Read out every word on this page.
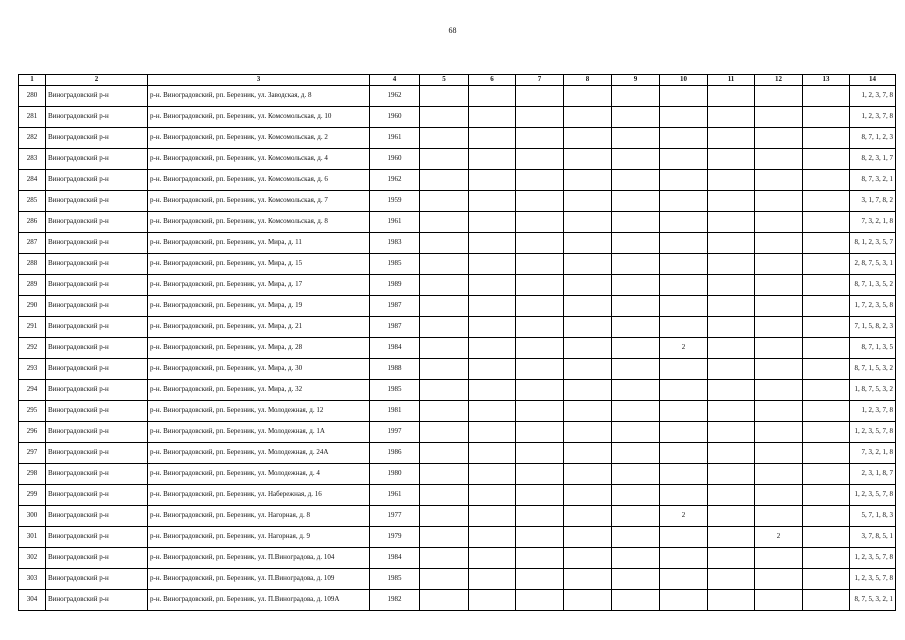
68
1	2	3	4	5	6	7	8	9	10	11	12	13	14
280	Виноградовский р-н	р-н. Виноградовский, рп. Березник, ул. Заводская, д. 8	1962										1, 2, 3, 7, 8
281	Виноградовский р-н	р-н. Виноградовский, рп. Березник, ул. Комсомольская, д. 10	1960										1, 2, 3, 7, 8
282	Виноградовский р-н	р-н. Виноградовский, рп. Березник, ул. Комсомольская, д. 2	1961										8, 7, 1, 2, 3
283	Виноградовский р-н	р-н. Виноградовский, рп. Березник, ул. Комсомольская, д. 4	1960										8, 2, 3, 1, 7
284	Виноградовский р-н	р-н. Виноградовский, рп. Березник, ул. Комсомольская, д. 6	1962										8, 7, 3, 2, 1
285	Виноградовский р-н	р-н. Виноградовский, рп. Березник, ул. Комсомольская, д. 7	1959										3, 1, 7, 8, 2
286	Виноградовский р-н	р-н. Виноградовский, рп. Березник, ул. Комсомольская, д. 8	1961										7, 3, 2, 1, 8
287	Виноградовский р-н	р-н. Виноградовский, рп. Березник, ул. Мира, д. 11	1983										8, 1, 2, 3, 5, 7
288	Виноградовский р-н	р-н. Виноградовский, рп. Березник, ул. Мира, д. 15	1985										2, 8, 7, 5, 3, 1
289	Виноградовский р-н	р-н. Виноградовский, рп. Березник, ул. Мира, д. 17	1989										8, 7, 1, 3, 5, 2
290	Виноградовский р-н	р-н. Виноградовский, рп. Березник, ул. Мира, д. 19	1987										1, 7, 2, 3, 5, 8
291	Виноградовский р-н	р-н. Виноградовский, рп. Березник, ул. Мира, д. 21	1987										7, 1, 5, 8, 2, 3
292	Виноградовский р-н	р-н. Виноградовский, рп. Березник, ул. Мира, д. 28	1984						2				8, 7, 1, 3, 5
293	Виноградовский р-н	р-н. Виноградовский, рп. Березник, ул. Мира, д. 30	1988										8, 7, 1, 5, 3, 2
294	Виноградовский р-н	р-н. Виноградовский, рп. Березник, ул. Мира, д. 32	1985										1, 8, 7, 5, 3, 2
295	Виноградовский р-н	р-н. Виноградовский, рп. Березник, ул. Молодежная, д. 12	1981										1, 2, 3, 7, 8
296	Виноградовский р-н	р-н. Виноградовский, рп. Березник, ул. Молодежная, д. 1А	1997										1, 2, 3, 5, 7, 8
297	Виноградовский р-н	р-н. Виноградовский, рп. Березник, ул. Молодежная, д. 24А	1986										7, 3, 2, 1, 8
298	Виноградовский р-н	р-н. Виноградовский, рп. Березник, ул. Молодежная, д. 4	1980										2, 3, 1, 8, 7
299	Виноградовский р-н	р-н. Виноградовский, рп. Березник, ул. Набережная, д. 16	1961										1, 2, 3, 5, 7, 8
300	Виноградовский р-н	р-н. Виноградовский, рп. Березник, ул. Нагорная, д. 8	1977						2				5, 7, 1, 8, 3
301	Виноградовский р-н	р-н. Виноградовский, рп. Березник, ул. Нагорная, д. 9	1979								2		3, 7, 8, 5, 1
302	Виноградовский р-н	р-н. Виноградовский, рп. Березник, ул. П.Виноградова, д. 104	1984										1, 2, 3, 5, 7, 8
303	Виноградовский р-н	р-н. Виноградовский, рп. Березник, ул. П.Виноградова, д. 109	1985										1, 2, 3, 5, 7, 8
304	Виноградовский р-н	р-н. Виноградовский, рп. Березник, ул. П.Виноградова, д. 109А	1982										8, 7, 5, 3, 2, 1
